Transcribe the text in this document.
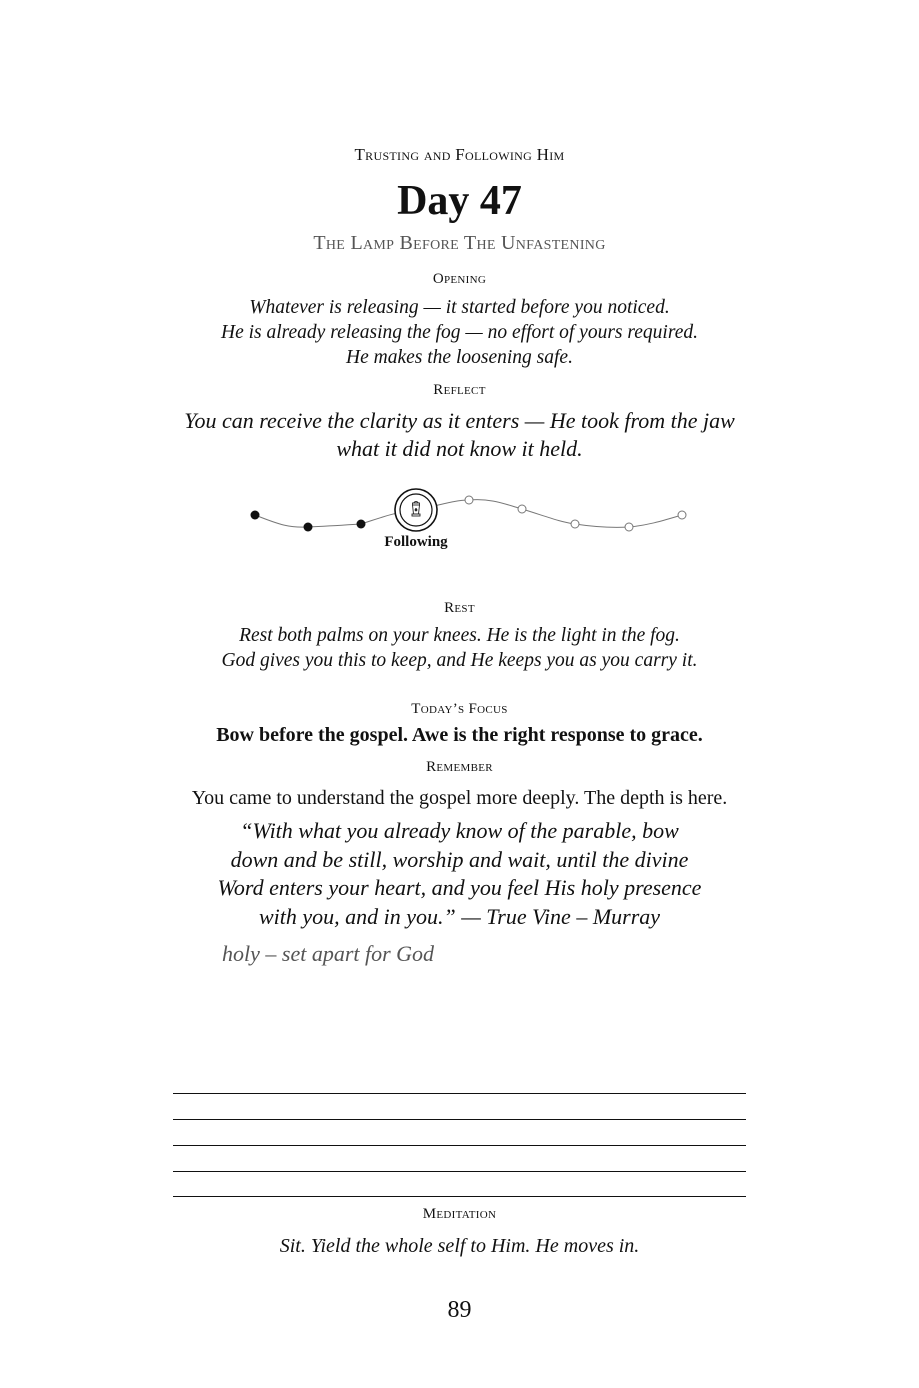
Trusting and Following Him
Day 47
The Lamp Before The Unfastening
Opening
Whatever is releasing — it started before you noticed.
He is already releasing the fog — no effort of yours required.
He makes the loosening safe.
Reflect
You can receive the clarity as it enters — He took from the jaw
what it did not know it held.
Following
Rest
Rest both palms on your knees. He is the light in the fog.
God gives you this to keep, and He keeps you as you carry it.
Today’s Focus
Bow before the gospel. Awe is the right response to grace.
Remember
You came to understand the gospel more deeply. The depth is here.
“With what you already know of the parable, bow
down and be still, worship and wait, until the divine
Word enters your heart, and you feel His holy presence
with you, and in you.” — True Vine – Murray
holy – set apart for God
Meditation
Sit. Yield the whole self to Him. He moves in.
89
